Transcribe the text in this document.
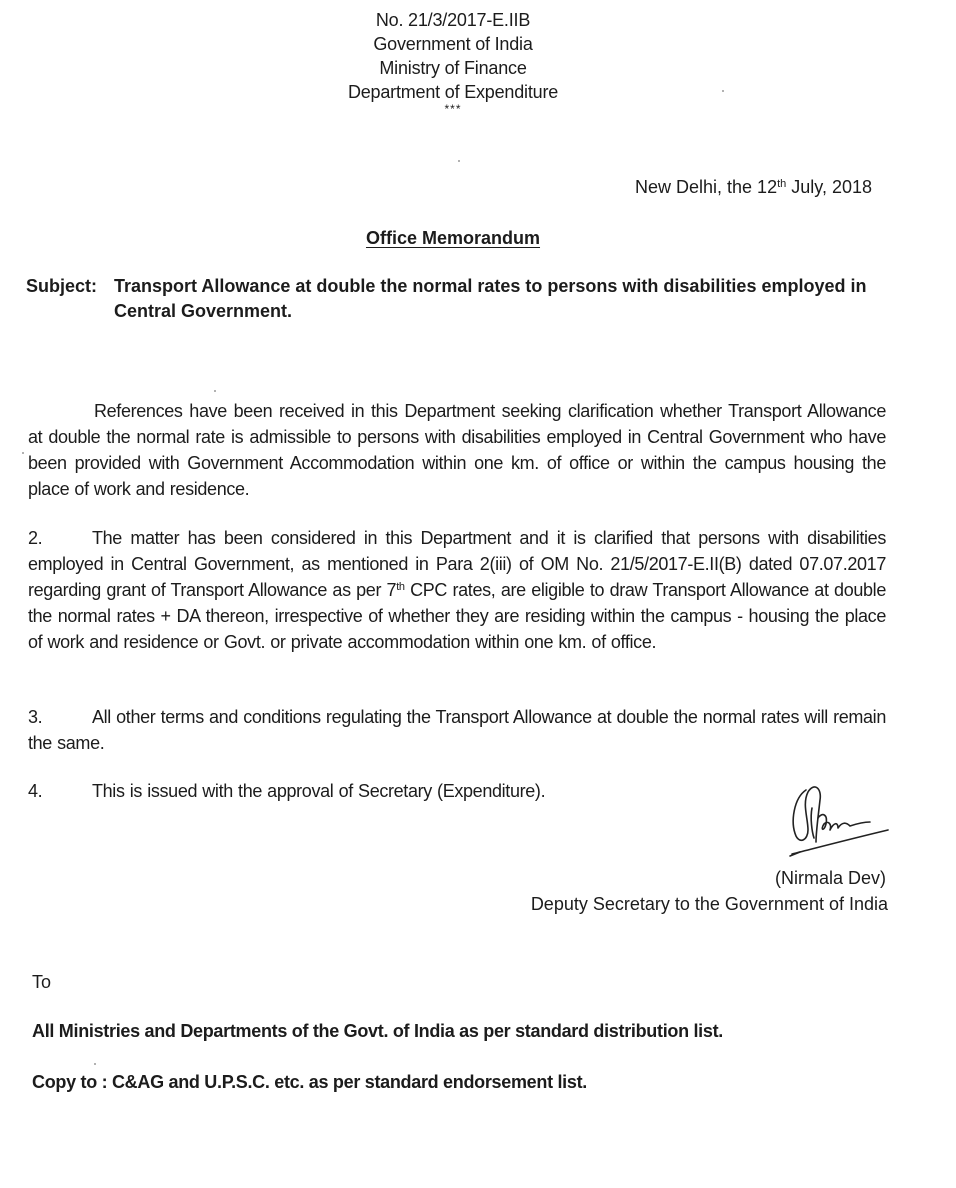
No. 21/3/2017-E.IIB
Government of India
Ministry of Finance
Department of Expenditure
***
New Delhi, the 12th July, 2018
Office Memorandum
Subject: Transport Allowance at double the normal rates to persons with disabilities employed in Central Government.
References have been received in this Department seeking clarification whether Transport Allowance at double the normal rate is admissible to persons with disabilities employed in Central Government who have been provided with Government Accommodation within one km. of office or within the campus housing the place of work and residence.
2.	The matter has been considered in this Department and it is clarified that persons with disabilities employed in Central Government, as mentioned in Para 2(iii) of OM No. 21/5/2017-E.II(B) dated 07.07.2017 regarding grant of Transport Allowance as per 7th CPC rates, are eligible to draw Transport Allowance at double the normal rates + DA thereon, irrespective of whether they are residing within the campus - housing the place of work and residence or Govt. or private accommodation within one km. of office.
3.	All other terms and conditions regulating the Transport Allowance at double the normal rates will remain the same.
4.	This is issued with the approval of Secretary (Expenditure).
(Nirmala Dev)
Deputy Secretary to the Government of India
To
All Ministries and Departments of the Govt. of India as per standard distribution list.
Copy to : C&AG and U.P.S.C. etc. as per standard endorsement list.
